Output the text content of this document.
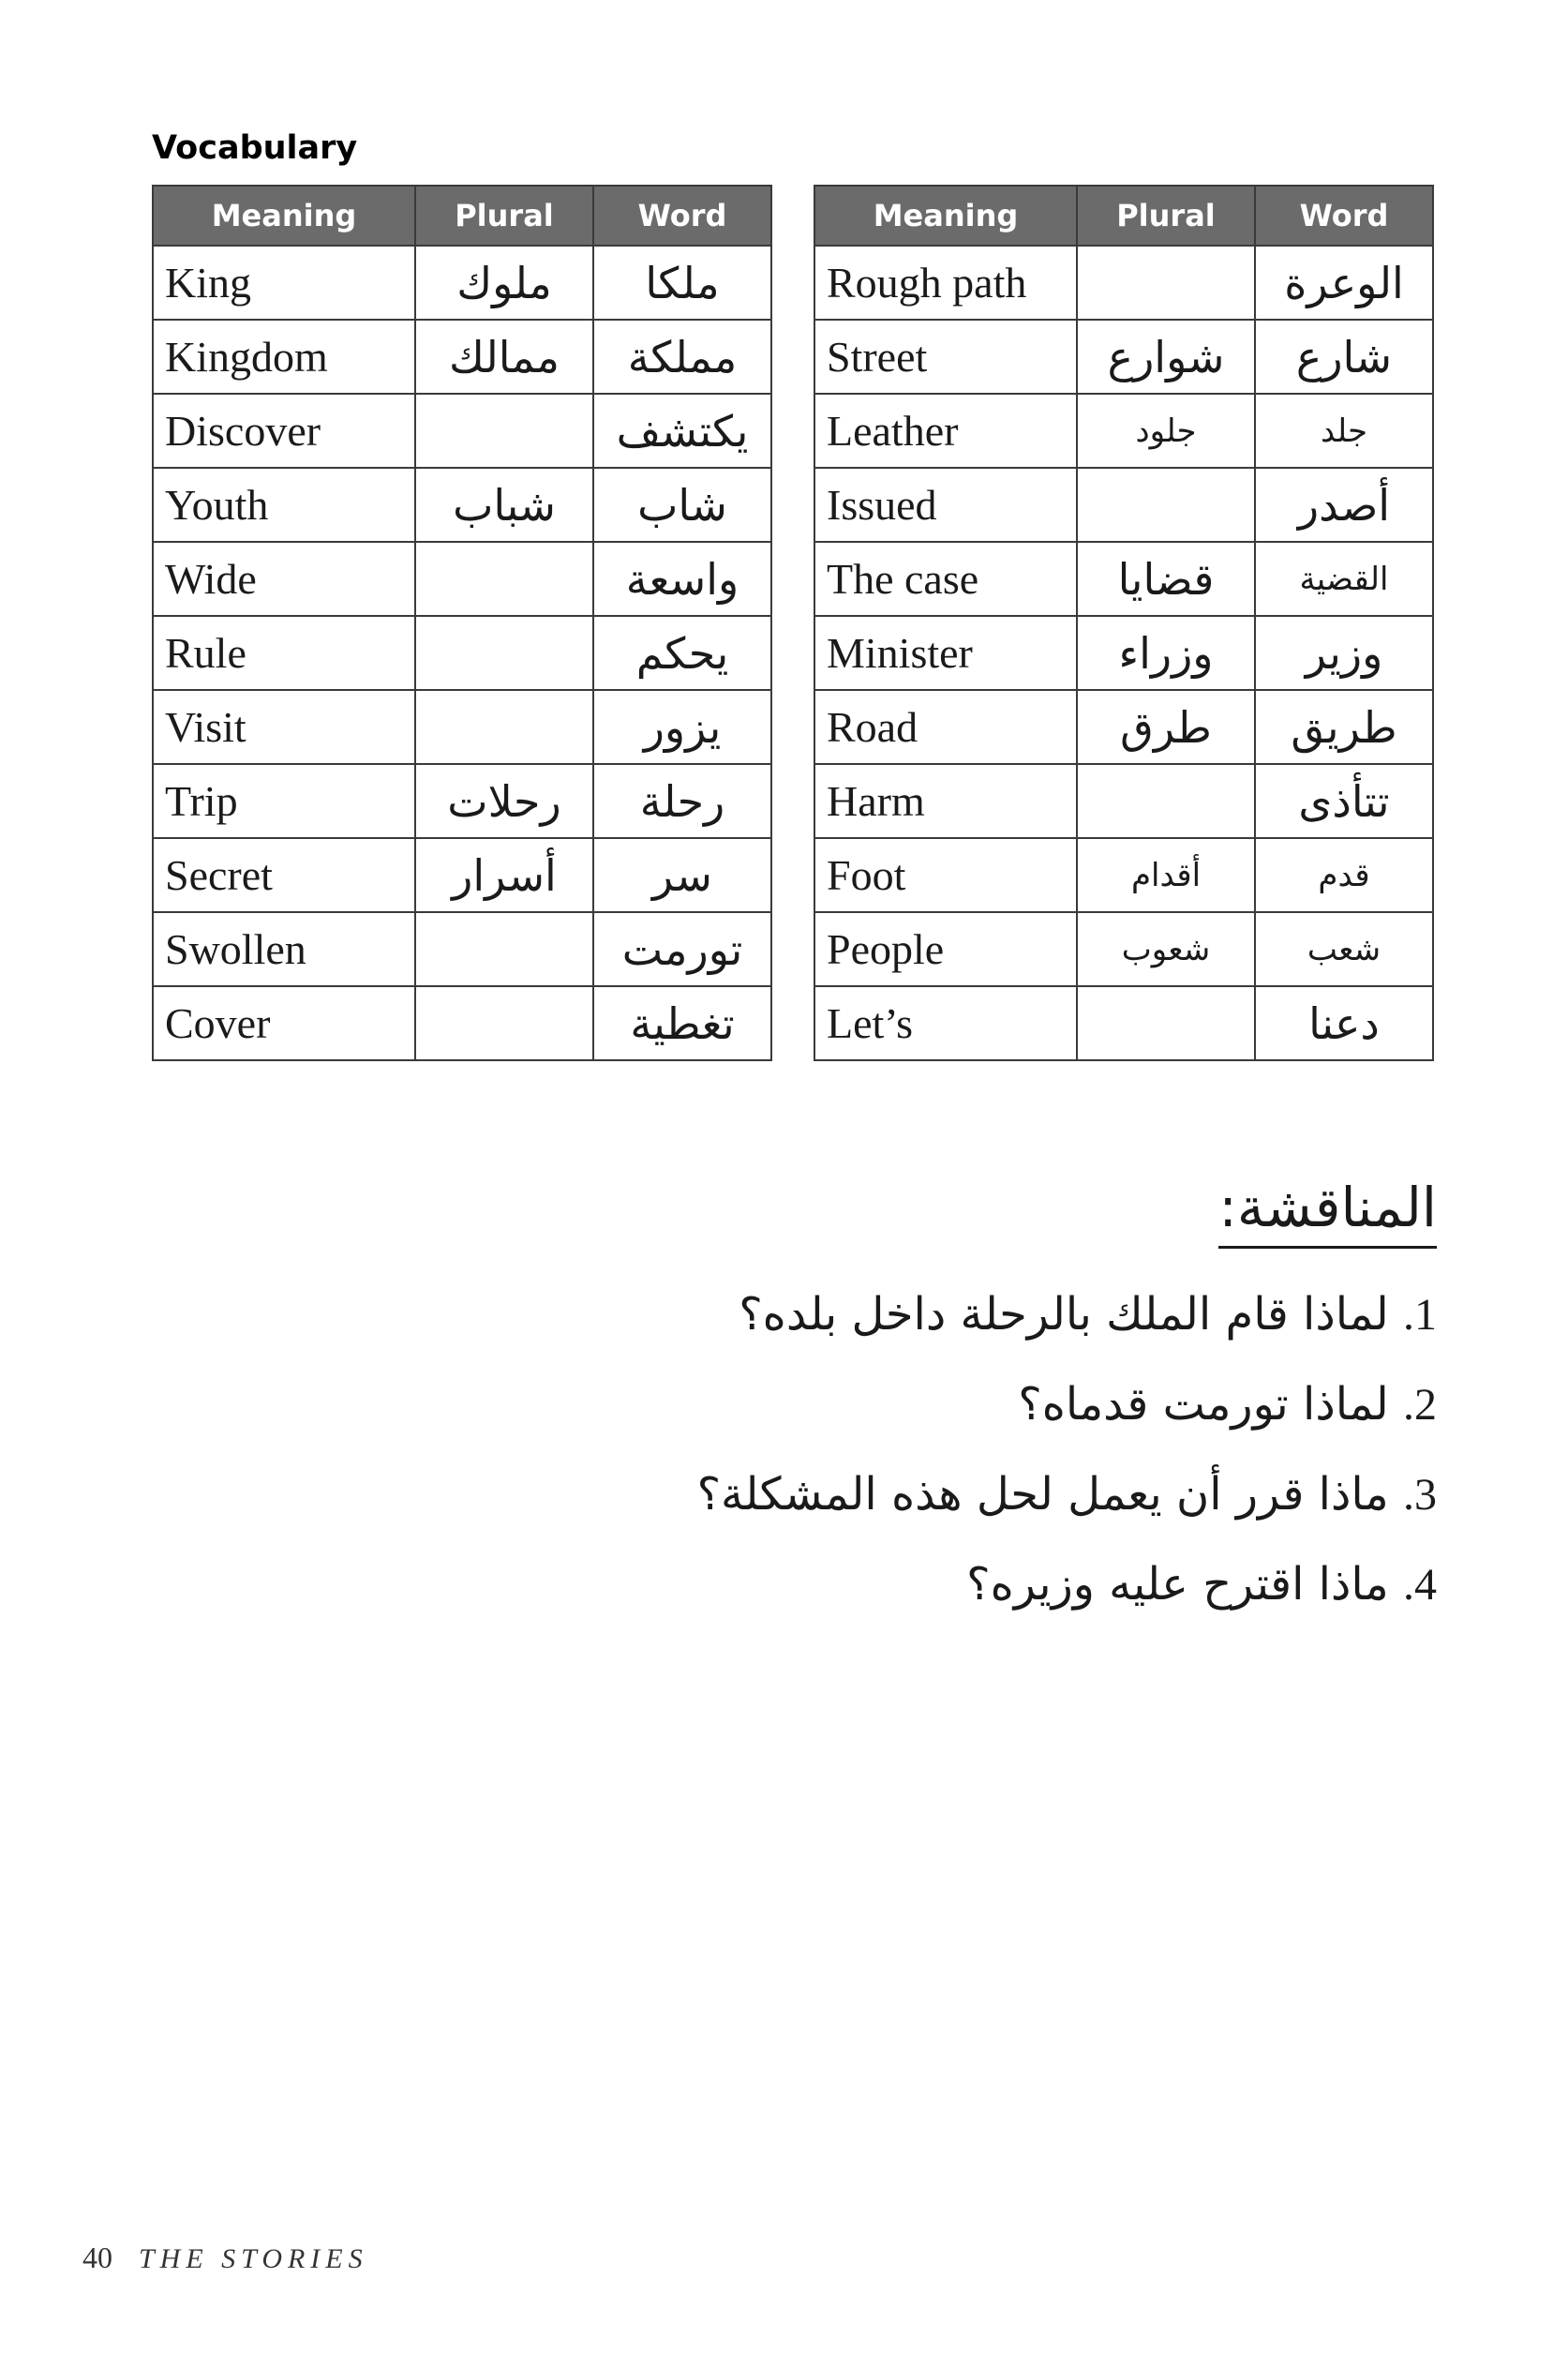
Vocabulary
Meaning	Plural	Word
King	ملوك	ملكا
Kingdom	ممالك	مملكة
Discover		يكتشف
Youth	شباب	شاب
Wide		واسعة
Rule		يحكم
Visit		يزور
Trip	رحلات	رحلة
Secret	أسرار	سر
Swollen		تورمت
Cover		تغطية
Meaning	Plural	Word
Rough path		الوعرة
Street	شوارع	شارع
Leather	جلود	جلد
Issued		أصدر
The case	قضايا	القضية
Minister	وزراء	وزير
Road	طرق	طريق
Harm		تتأذى
Foot	أقدام	قدم
People	شعوب	شعب
Let’s		دعنا
المناقشة:
1. لماذا قام الملك بالرحلة داخل بلده؟
2. لماذا تورمت قدماه؟
3. ماذا قرر أن يعمل لحل هذه المشكلة؟
4. ماذا اقترح عليه وزيره؟
40 THE STORIES
